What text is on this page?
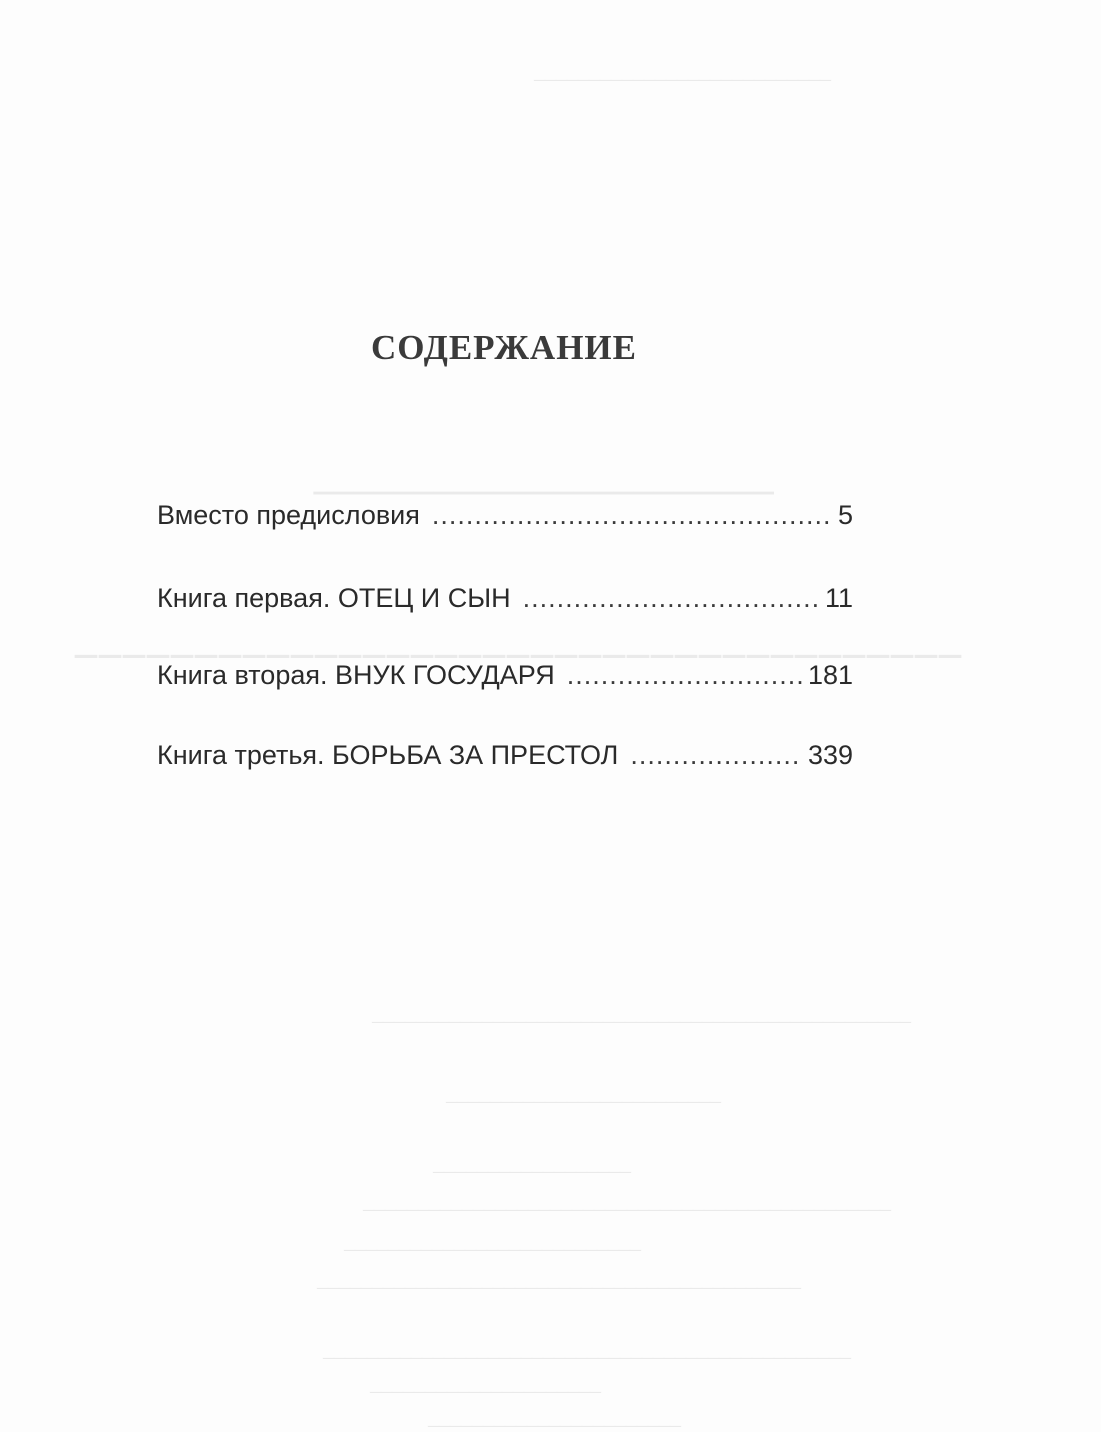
___________________________
_______________________
_____________________________________
_________________________________________________
_________________________
__________________
________________________________________________
___________________________
____________________________________________
________________________________________________
_____________________
_______________________
СОДЕРЖАНИЕ
Вместо предисловия .....	5
Книга первая. ОТЕЦ И СЫН .....	11
Книга вторая. ВНУК ГОСУДАРЯ .....	181
Книга третья. БОРЬБА ЗА ПРЕСТОЛ .....	339
